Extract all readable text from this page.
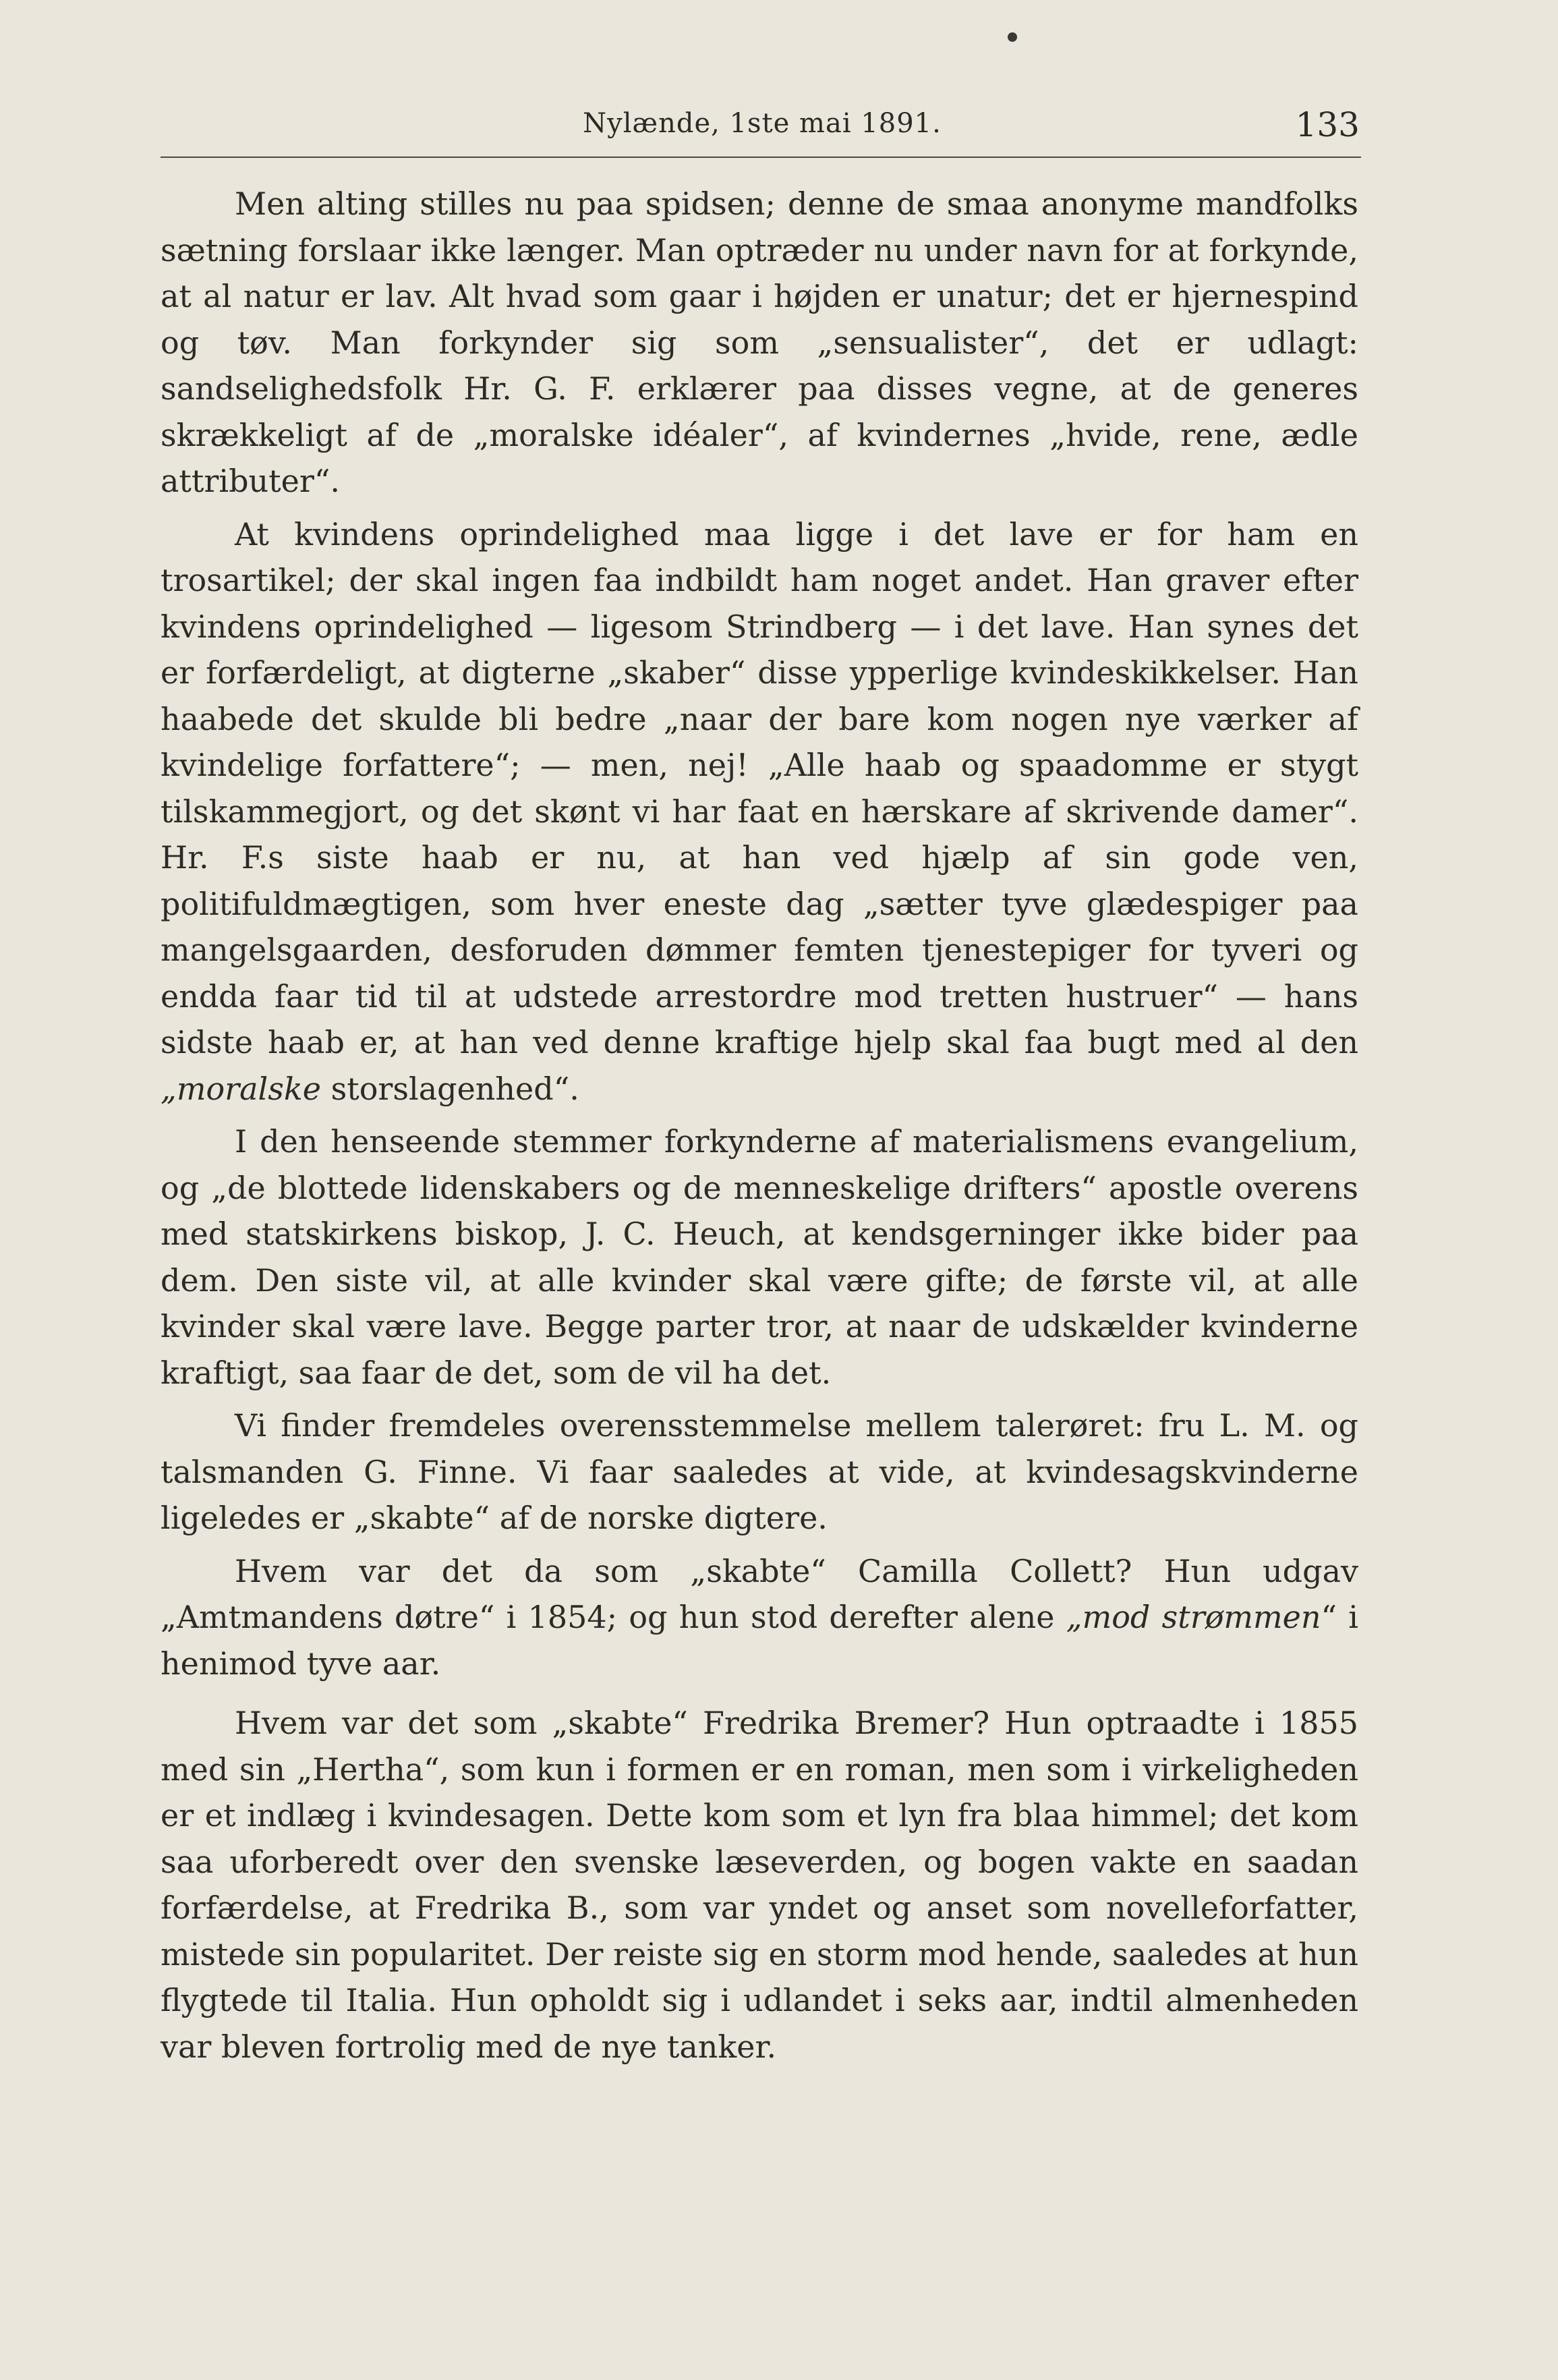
Nylænde, 1ste mai 1891.	133

Men alting stilles nu paa spidsen; denne de smaa anonyme mandfolks sætning forslaar ikke længer. Man optræder nu under navn for at forkynde, at al natur er lav. Alt hvad som gaar i højden er unatur; det er hjernespind og tøv. Man forkynder sig som „sensualister“, det er udlagt: sandselighedsfolk Hr. G. F. erklærer paa disses vegne, at de generes skrækkeligt af de „moralske idéaler“, af kvindernes „hvide, rene, ædle attributer“.

At kvindens oprindelighed maa ligge i det lave er for ham en trosartikel; der skal ingen faa indbildt ham noget andet. Han graver efter kvindens oprindelighed — ligesom Strindberg — i det lave. Han synes det er forfærdeligt, at digterne „skaber“ disse ypperlige kvindeskikkelser. Han haabede det skulde bli bedre „naar der bare kom nogen nye værker af kvindelige forfattere“; — men, nej! „Alle haab og spaadomme er stygt tilskammegjort, og det skønt vi har faat en hærskare af skrivende damer“. Hr. F.s siste haab er nu, at han ved hjælp af sin gode ven, politifuldmægtigen, som hver eneste dag „sætter tyve glædespiger paa mangelsgaarden, desforuden dømmer femten tjenestepiger for tyveri og endda faar tid til at udstede arrestordre mod tretten hustruer“ — hans sidste haab er, at han ved denne kraftige hjelp skal faa bugt med al den „moralske storslagenhed“.

I den henseende stemmer forkynderne af materialismens evangelium, og „de blottede lidenskabers og de menneskelige drifters“ apostle overens med statskirkens biskop, J. C. Heuch, at kendsgerninger ikke bider paa dem. Den siste vil, at alle kvinder skal være gifte; de første vil, at alle kvinder skal være lave. Begge parter tror, at naar de udskælder kvinderne kraftigt, saa faar de det, som de vil ha det.

Vi finder fremdeles overensstemmelse mellem talerøret: fru L. M. og talsmanden G. Finne. Vi faar saaledes at vide, at kvindesagskvinderne ligeledes er „skabte“ af de norske digtere.

Hvem var det da som „skabte“ Camilla Collett? Hun udgav „Amtmandens døtre“ i 1854; og hun stod derefter alene „mod strømmen“ i henimod tyve aar.

Hvem var det som „skabte“ Fredrika Bremer? Hun optraadte i 1855 med sin „Hertha“, som kun i formen er en roman, men som i virkeligheden er et indlæg i kvindesagen. Dette kom som et lyn fra blaa himmel; det kom saa uforberedt over den svenske læseverden, og bogen vakte en saadan forfærdelse, at Fredrika B., som var yndet og anset som novelleforfatter, mistede sin popularitet. Der reiste sig en storm mod hende, saaledes at hun flygtede til Italia. Hun opholdt sig i udlandet i seks aar, indtil almenheden var bleven fortrolig med de nye tanker.
